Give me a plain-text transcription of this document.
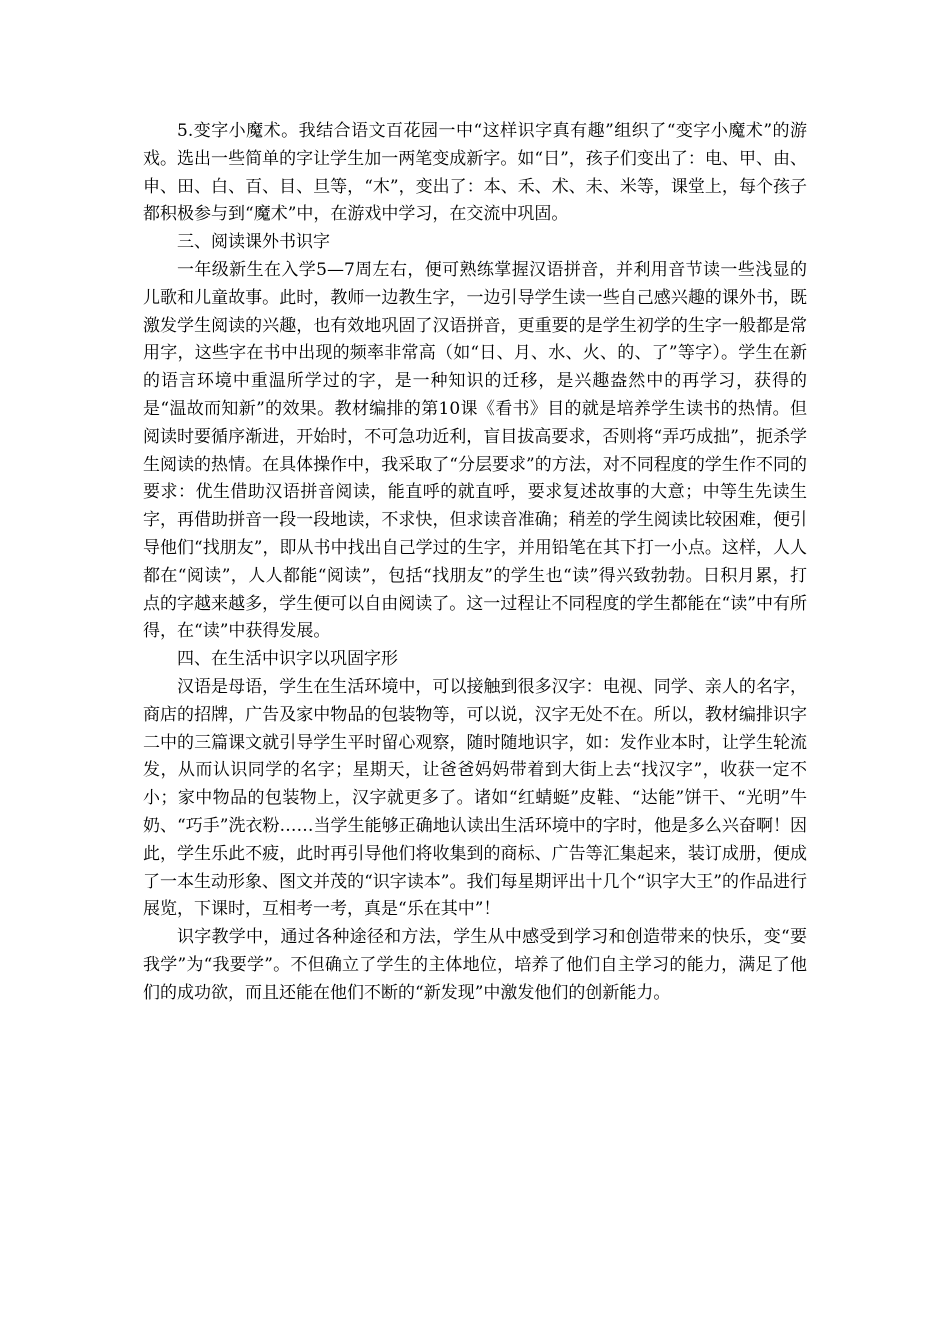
5.变字小魔术。我结合语文百花园一中“这样识字真有趣”组织了“变字小魔术”的游戏。选出一些简单的字让学生加一两笔变成新字。如“日”，孩子们变出了：电、甲、由、申、田、白、百、目、旦等，“木”，变出了：本、禾、术、未、米等，课堂上，每个孩子都积极参与到“魔术”中，在游戏中学习，在交流中巩固。

三、阅读课外书识字

一年级新生在入学5—7周左右，便可熟练掌握汉语拼音，并利用音节读一些浅显的儿歌和儿童故事。此时，教师一边教生字，一边引导学生读一些自己感兴趣的课外书，既激发学生阅读的兴趣，也有效地巩固了汉语拼音，更重要的是学生初学的生字一般都是常用字，这些字在书中出现的频率非常高（如“日、月、水、火、的、了”等字）。学生在新的语言环境中重温所学过的字，是一种知识的迁移，是兴趣盎然中的再学习，获得的是“温故而知新”的效果。教材编排的第10课《看书》目的就是培养学生读书的热情。但阅读时要循序渐进，开始时，不可急功近利，盲目拔高要求，否则将“弄巧成拙”，扼杀学生阅读的热情。在具体操作中，我采取了“分层要求”的方法，对不同程度的学生作不同的要求：优生借助汉语拼音阅读，能直呼的就直呼，要求复述故事的大意；中等生先读生字，再借助拼音一段一段地读，不求快，但求读音准确；稍差的学生阅读比较困难，便引导他们“找朋友”，即从书中找出自己学过的生字，并用铅笔在其下打一小点。这样，人人都在“阅读”，人人都能“阅读”，包括“找朋友”的学生也“读”得兴致勃勃。日积月累，打点的字越来越多，学生便可以自由阅读了。这一过程让不同程度的学生都能在“读”中有所得，在“读”中获得发展。

四、在生活中识字以巩固字形

汉语是母语，学生在生活环境中，可以接触到很多汉字：电视、同学、亲人的名字，商店的招牌，广告及家中物品的包装物等，可以说，汉字无处不在。所以，教材编排识字二中的三篇课文就引导学生平时留心观察，随时随地识字，如：发作业本时，让学生轮流发，从而认识同学的名字；星期天，让爸爸妈妈带着到大街上去“找汉字”，收获一定不小；家中物品的包装物上，汉字就更多了。诸如“红蜻蜓”皮鞋、“达能”饼干、“光明”牛奶、“巧手”洗衣粉……当学生能够正确地认读出生活环境中的字时，他是多么兴奋啊！因此，学生乐此不疲，此时再引导他们将收集到的商标、广告等汇集起来，装订成册，便成了一本生动形象、图文并茂的“识字读本”。我们每星期评出十几个“识字大王”的作品进行展览，下课时，互相考一考，真是“乐在其中”！

识字教学中，通过各种途径和方法，学生从中感受到学习和创造带来的快乐，变“要我学”为“我要学”。不但确立了学生的主体地位，培养了他们自主学习的能力，满足了他们的成功欲，而且还能在他们不断的“新发现”中激发他们的创新能力。
